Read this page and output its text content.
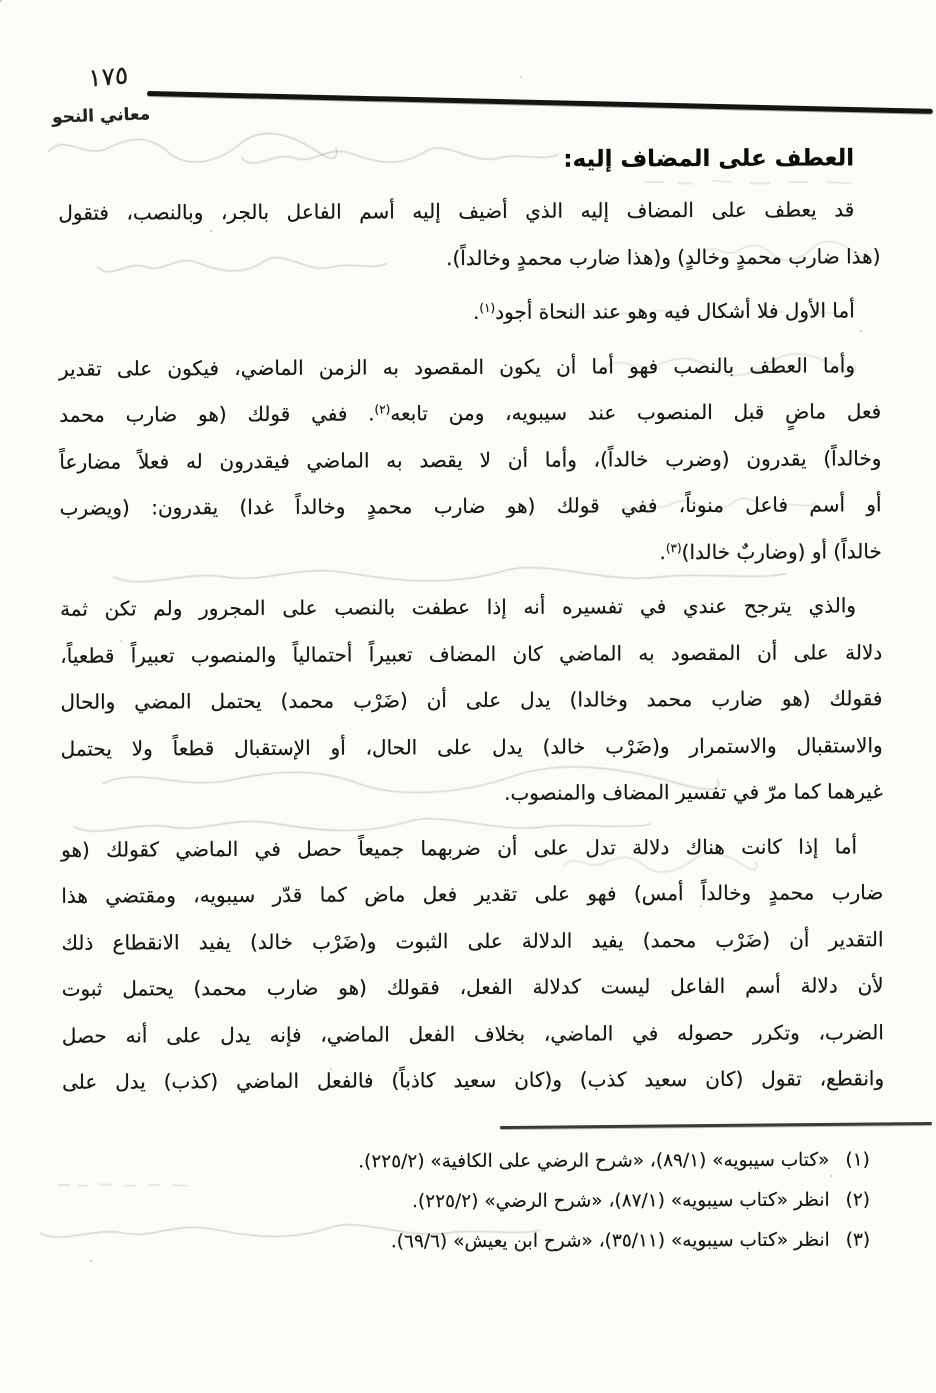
١٧٥
معاني النحو
العطف على المضاف إليه:
قد يعطف على المضاف إليه الذي أضيف إليه أسم الفاعل بالجر، وبالنصب، فتقول
(هذا ضارب محمدٍ وخالدٍ) و(هذا ضارب محمدٍ وخالداً).
أما الأول فلا أشكال فيه وهو عند النحاة أجود$^{(١)}$.
وأما العطف بالنصب فهو أما أن يكون المقصود به الزمن الماضي، فيكون على تقدير
فعل ماضٍ قبل المنصوب عند سيبويه، ومن تابعه$^{(٢)}$. ففي قولك (هو ضارب محمد
وخالداً) يقدرون (وضرب خالداً)، وأما أن لا يقصد به الماضي فيقدرون له فعلاً مضارعاً
أو أسم فاعل منوناً، ففي قولك (هو ضارب محمدٍ وخالداً غدا) يقدرون: (ويضرب
خالداً) أو (وضاربٌ خالدا)$^{(٣)}$.
والذي يترجح عندي في تفسيره أنه إذا عطفت بالنصب على المجرور ولم تكن ثمة
دلالة على أن المقصود به الماضي كان المضاف تعبيراً أحتمالياً والمنصوب تعبيراً قطعياً،
فقولك (هو ضارب محمد وخالدا) يدل على أن (ضَرْب محمد) يحتمل المضي والحال
والاستقبال والاستمرار و(ضَرْب خالد) يدل على الحال، أو الإستقبال قطعاً ولا يحتمل
غيرهما كما مرّ في تفسير المضاف والمنصوب.
أما إذا كانت هناك دلالة تدل على أن ضربهما جميعاً حصل في الماضي كقولك (هو
ضارب محمدٍ وخالداً أمس) فهو على تقدير فعل ماض كما قدّر سيبويه، ومقتضي هذا
التقدير أن (ضَرْب محمد) يفيد الدلالة على الثبوت و(ضَرْب خالد) يفيد الانقطاع ذلك
لأن دلالة أسم الفاعل ليست كدلالة الفعل، فقولك (هو ضارب محمد) يحتمل ثبوت
الضرب، وتكرر حصوله في الماضي، بخلاف الفعل الماضي، فإنه يدل على أنه حصل
وانقطع، تقول (كان سعيد كذب) و(كان سعيد كاذباً) فالفعل الماضي (كذب) يدل على
(١)
«كتاب سيبويه» (٨٩/١)، «شرح الرضي على الكافية» (٢٢٥/٢).
(٢)
انظر «كتاب سيبويه» (٨٧/١)، «شرح الرضي» (٢٢٥/٢).
(٣)
انظر «كتاب سيبويه» (٣٥/١١)، «شرح ابن يعيش» (٦٩/٦).
